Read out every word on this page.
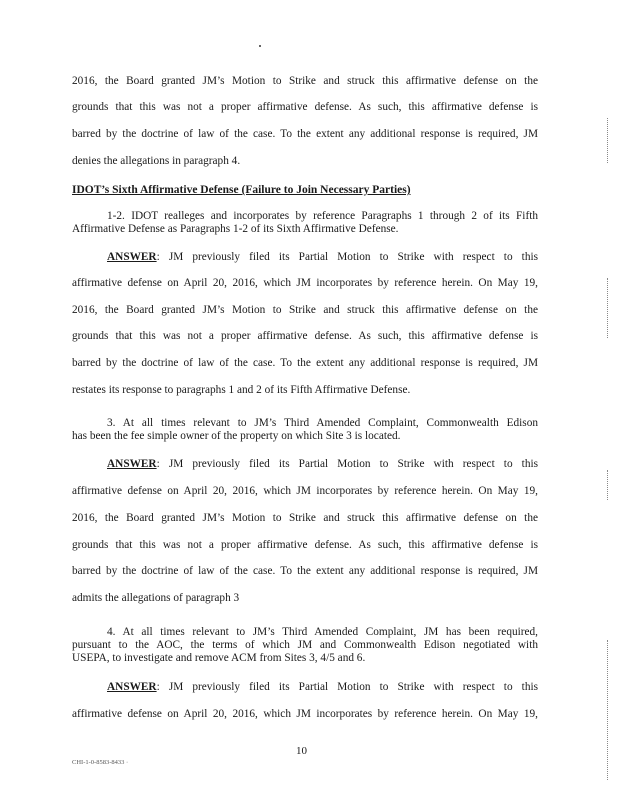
2016, the Board granted JM’s Motion to Strike and struck this affirmative defense on the
grounds that this was not a proper affirmative defense. As such, this affirmative defense is
barred by the doctrine of law of the case. To the extent any additional response is required, JM
denies the allegations in paragraph 4.
IDOT’s Sixth Affirmative Defense (Failure to Join Necessary Parties)
1-2. IDOT realleges and incorporates by reference Paragraphs 1 through 2 of its Fifth
Affirmative Defense as Paragraphs 1-2 of its Sixth Affirmative Defense.
ANSWER: JM previously filed its Partial Motion to Strike with respect to this
affirmative defense on April 20, 2016, which JM incorporates by reference herein. On May 19,
2016, the Board granted JM’s Motion to Strike and struck this affirmative defense on the
grounds that this was not a proper affirmative defense. As such, this affirmative defense is
barred by the doctrine of law of the case. To the extent any additional response is required, JM
restates its response to paragraphs 1 and 2 of its Fifth Affirmative Defense.
3. At all times relevant to JM’s Third Amended Complaint, Commonwealth Edison
has been the fee simple owner of the property on which Site 3 is located.
ANSWER: JM previously filed its Partial Motion to Strike with respect to this
affirmative defense on April 20, 2016, which JM incorporates by reference herein. On May 19,
2016, the Board granted JM’s Motion to Strike and struck this affirmative defense on the
grounds that this was not a proper affirmative defense. As such, this affirmative defense is
barred by the doctrine of law of the case. To the extent any additional response is required, JM
admits the allegations of paragraph 3
4. At all times relevant to JM’s Third Amended Complaint, JM has been required,
pursuant to the AOC, the terms of which JM and Commonwealth Edison negotiated with
USEPA, to investigate and remove ACM from Sites 3, 4/5 and 6.
ANSWER: JM previously filed its Partial Motion to Strike with respect to this
affirmative defense on April 20, 2016, which JM incorporates by reference herein. On May 19,
10
CHI-1-0-8583-8433 ·
